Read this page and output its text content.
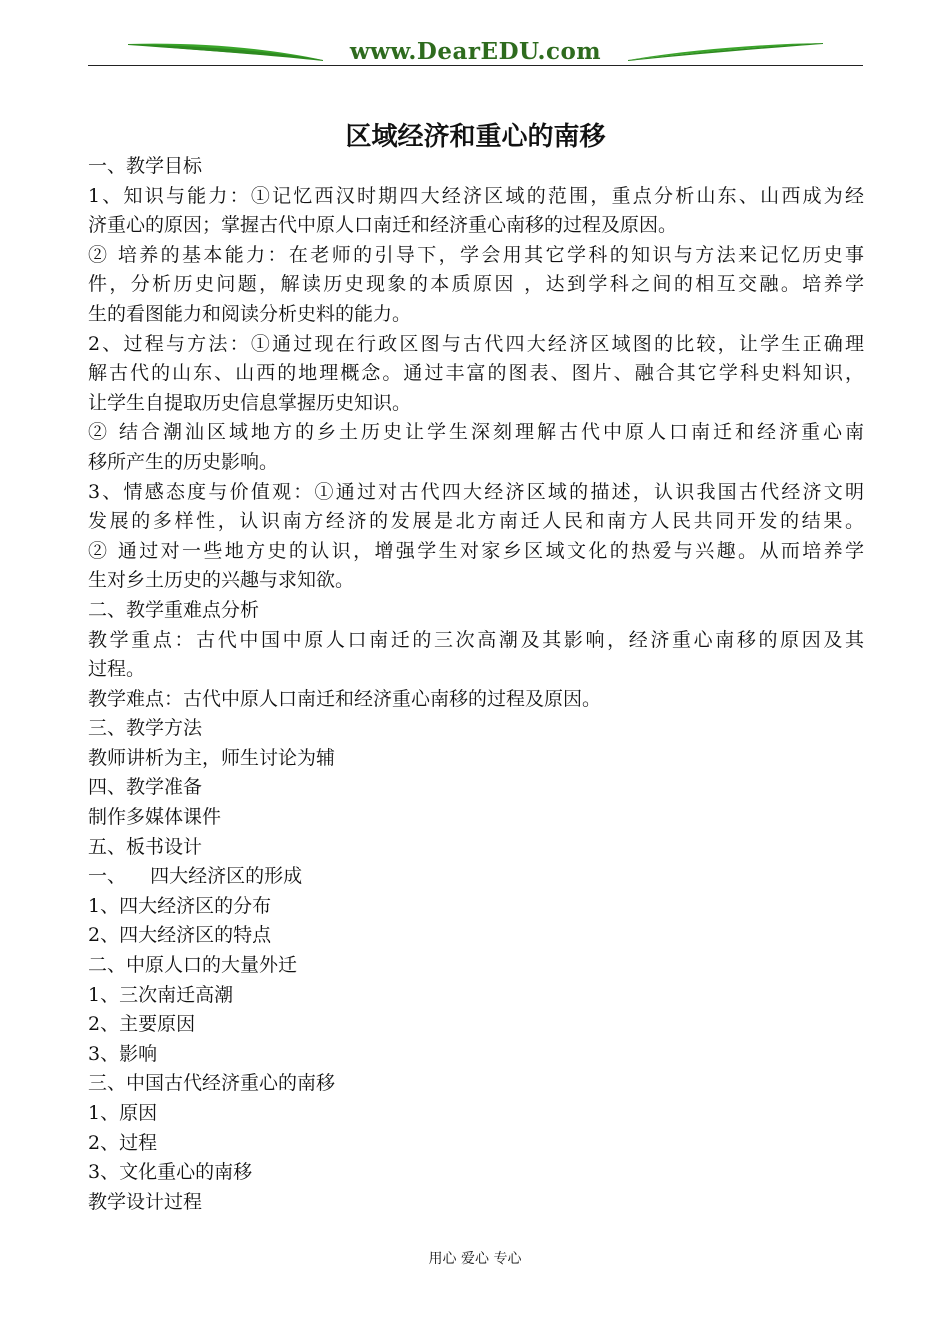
www.DearEDU.com
区域经济和重心的南移

一、教学目标

1、知识与能力：①记忆西汉时期四大经济区域的范围，重点分析山东、山西成为经

济重心的原因；掌握古代中原人口南迁和经济重心南移的过程及原因。

② 培养的基本能力：在老师的引导下，学会用其它学科的知识与方法来记忆历史事

件，分析历史问题，解读历史现象的本质原因 ，达到学科之间的相互交融。培养学

生的看图能力和阅读分析史料的能力。

2、过程与方法：①通过现在行政区图与古代四大经济区域图的比较，让学生正确理

解古代的山东、山西的地理概念。通过丰富的图表、图片、融合其它学科史料知识，

让学生自提取历史信息掌握历史知识。

② 结合潮汕区域地方的乡土历史让学生深刻理解古代中原人口南迁和经济重心南

移所产生的历史影响。

3、情感态度与价值观：①通过对古代四大经济区域的描述，认识我国古代经济文明

发展的多样性，认识南方经济的发展是北方南迁人民和南方人民共同开发的结果。

② 通过对一些地方史的认识，增强学生对家乡区域文化的热爱与兴趣。从而培养学

生对乡土历史的兴趣与求知欲。

二、教学重难点分析

教学重点：古代中国中原人口南迁的三次高潮及其影响，经济重心南移的原因及其

过程。

教学难点：古代中原人口南迁和经济重心南移的过程及原因。

三、教学方法

教师讲析为主，师生讨论为辅

四、教学准备

制作多媒体课件

五、板书设计

一、    四大经济区的形成

1、四大经济区的分布

2、四大经济区的特点

二、中原人口的大量外迁

1、三次南迁高潮

2、主要原因

3、影响

三、中国古代经济重心的南移

1、原因

2、过程

3、文化重心的南移

教学设计过程

用心 爱心 专心
